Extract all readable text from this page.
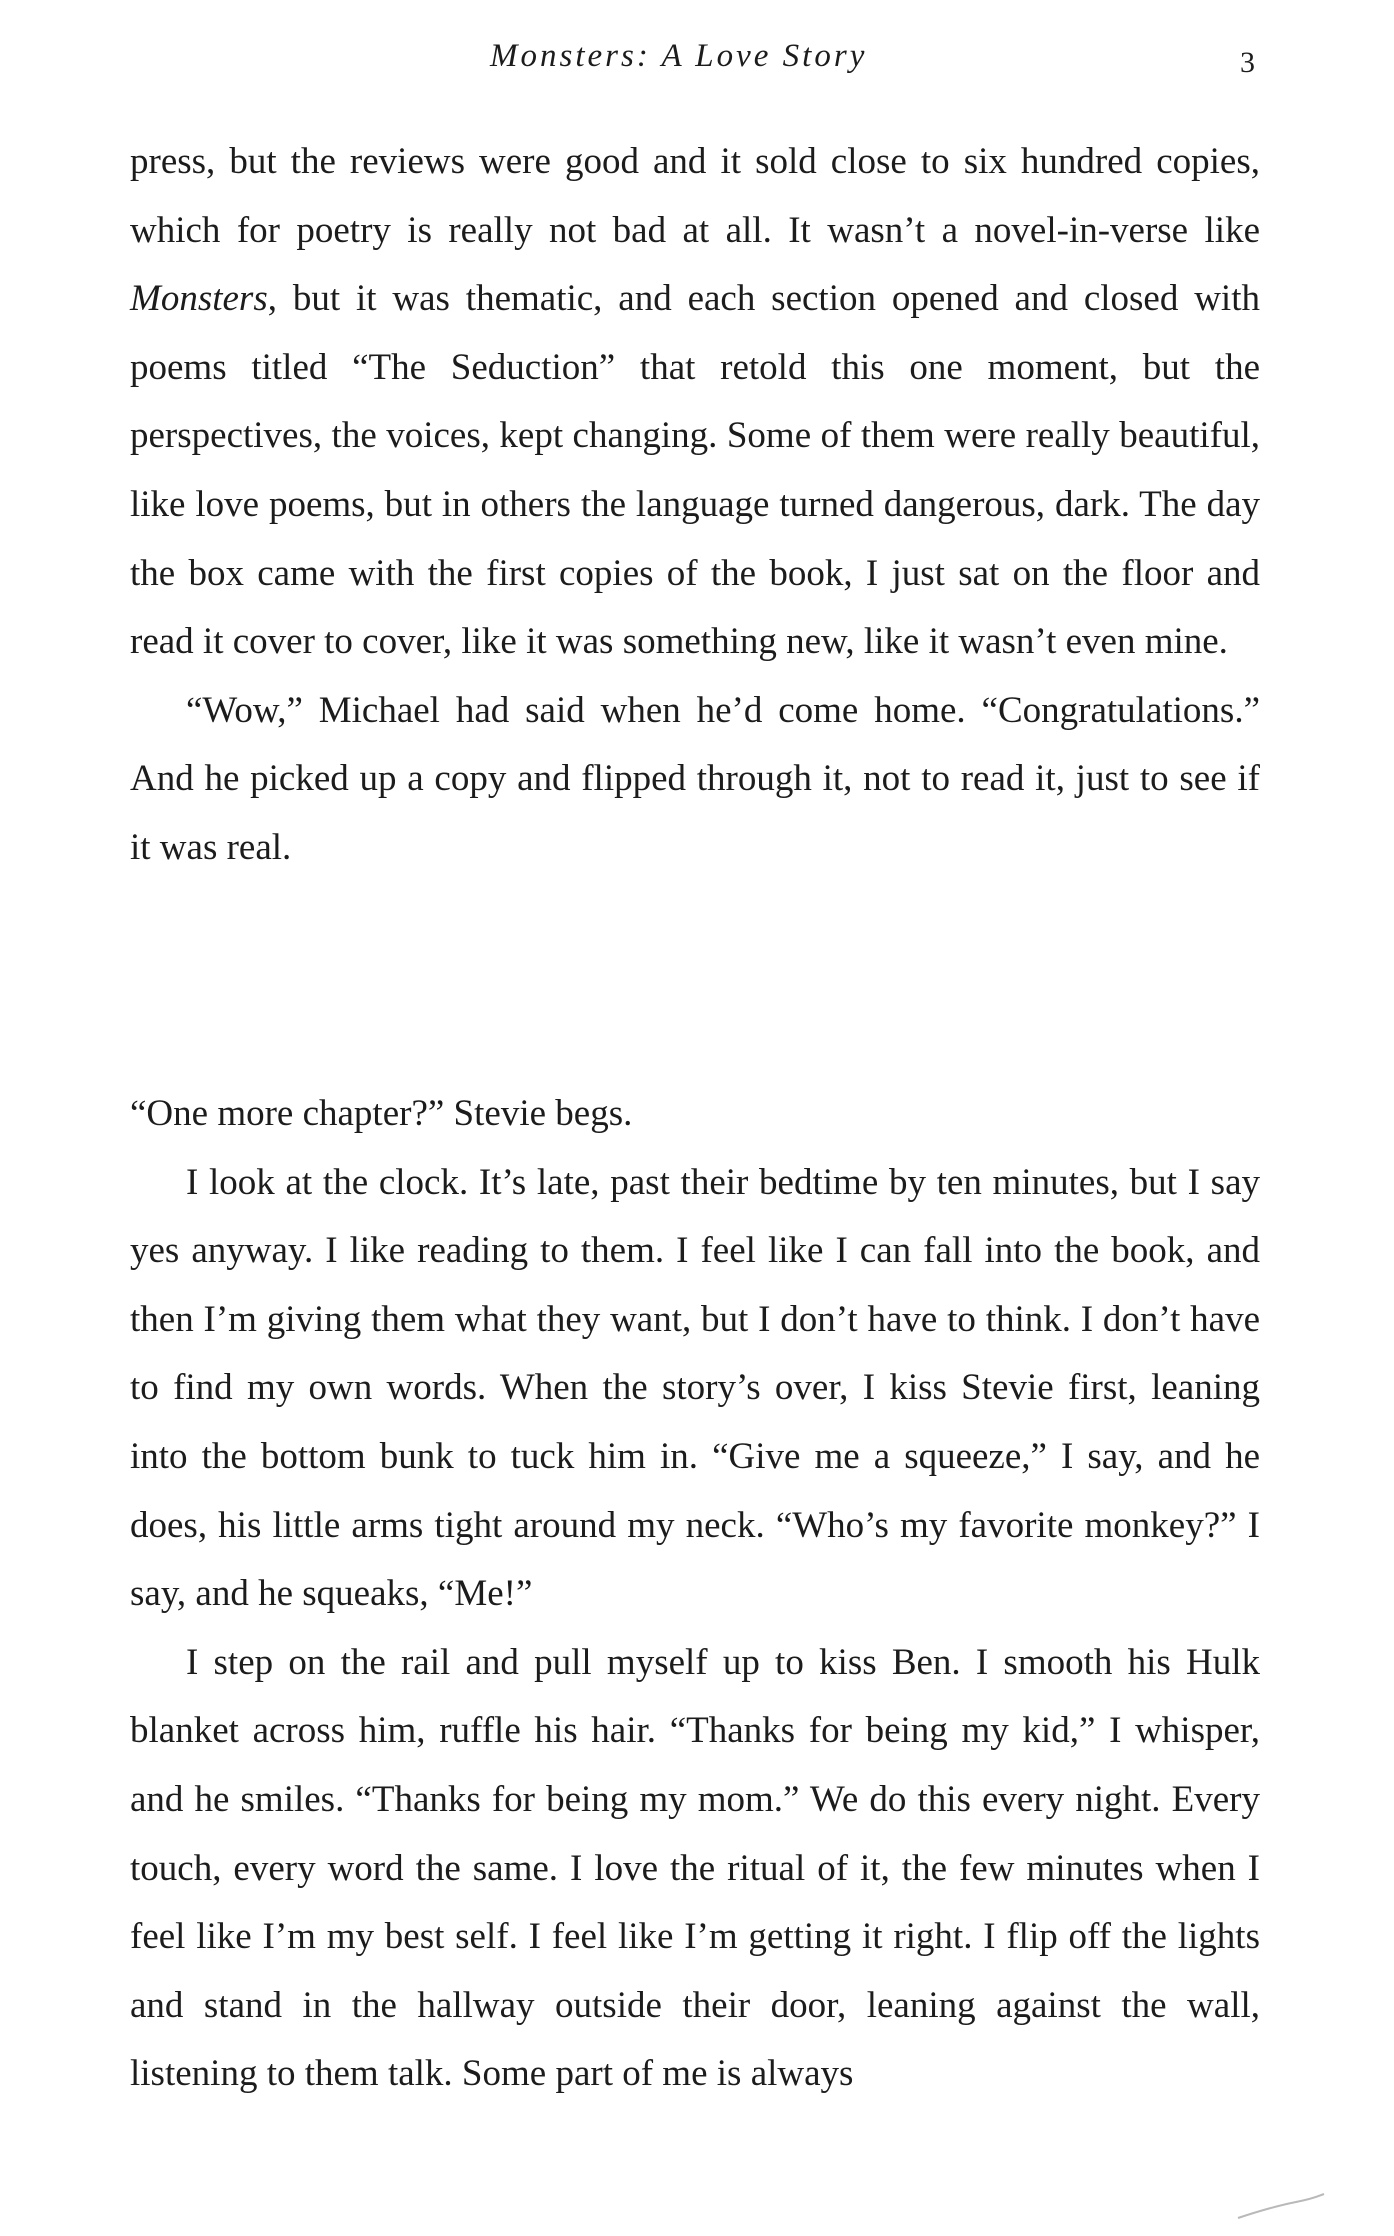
Monsters: A Love Story	3

press, but the reviews were good and it sold close to six hundred copies, which for poetry is really not bad at all. It wasn’t a novel-in-verse like Monsters, but it was thematic, and each section opened and closed with poems titled “The Seduction” that retold this one moment, but the perspectives, the voices, kept changing. Some of them were really beautiful, like love poems, but in others the language turned dangerous, dark. The day the box came with the first copies of the book, I just sat on the floor and read it cover to cover, like it was something new, like it wasn’t even mine.

“Wow,” Michael had said when he’d come home. “Congratulations.” And he picked up a copy and flipped through it, not to read it, just to see if it was real.

“One more chapter?” Stevie begs.

I look at the clock. It’s late, past their bedtime by ten minutes, but I say yes anyway. I like reading to them. I feel like I can fall into the book, and then I’m giving them what they want, but I don’t have to think. I don’t have to find my own words. When the story’s over, I kiss Stevie first, leaning into the bottom bunk to tuck him in. “Give me a squeeze,” I say, and he does, his little arms tight around my neck. “Who’s my favorite monkey?” I say, and he squeaks, “Me!”

I step on the rail and pull myself up to kiss Ben. I smooth his Hulk blanket across him, ruffle his hair. “Thanks for being my kid,” I whisper, and he smiles. “Thanks for being my mom.” We do this every night. Every touch, every word the same. I love the ritual of it, the few minutes when I feel like I’m my best self. I feel like I’m getting it right. I flip off the lights and stand in the hallway outside their door, leaning against the wall, listening to them talk. Some part of me is always
